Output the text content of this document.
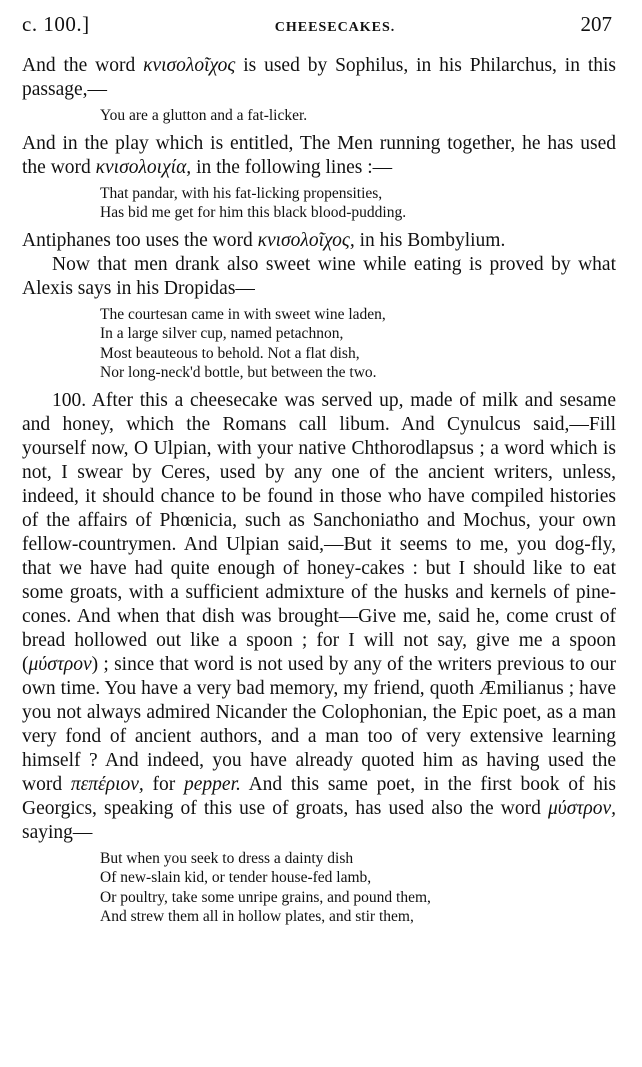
c. 100.]	CHEESECAKES.	207

And the word κνισολοῖχος is used by Sophilus, in his Philarchus, in this passage,—

You are a glutton and a fat-licker.

And in the play which is entitled, The Men running together, he has used the word κνισολοιχία, in the following lines :—

That pandar, with his fat-licking propensities,
Has bid me get for him this black blood-pudding.

Antiphanes too uses the word κνισολοῖχος, in his Bombylium.

Now that men drank also sweet wine while eating is proved by what Alexis says in his Dropidas—

The courtesan came in with sweet wine laden,
In a large silver cup, named petachnon,
Most beauteous to behold. Not a flat dish,
Nor long-neck'd bottle, but between the two.

100. After this a cheesecake was served up, made of milk and sesame and honey, which the Romans call libum. And Cynulcus said,—Fill yourself now, O Ulpian, with your native Chthorodlapsus ; a word which is not, I swear by Ceres, used by any one of the ancient writers, unless, indeed, it should chance to be found in those who have compiled histories of the affairs of Phœnicia, such as Sanchoniatho and Mochus, your own fellow-countrymen. And Ulpian said,—But it seems to me, you dog-fly, that we have had quite enough of honey-cakes : but I should like to eat some groats, with a sufficient admixture of the husks and kernels of pine-cones. And when that dish was brought—Give me, said he, come crust of bread hollowed out like a spoon ; for I will not say, give me a spoon (μύστρον) ; since that word is not used by any of the writers previous to our own time. You have a very bad memory, my friend, quoth Æmilianus ; have you not always admired Nicander the Colophonian, the Epic poet, as a man very fond of ancient authors, and a man too of very extensive learning himself ? And indeed, you have already quoted him as having used the word πεπέριον, for pepper. And this same poet, in the first book of his Georgics, speaking of this use of groats, has used also the word μύστρον, saying—

But when you seek to dress a dainty dish
Of new-slain kid, or tender house-fed lamb,
Or poultry, take some unripe grains, and pound them,
And strew them all in hollow plates, and stir them,
